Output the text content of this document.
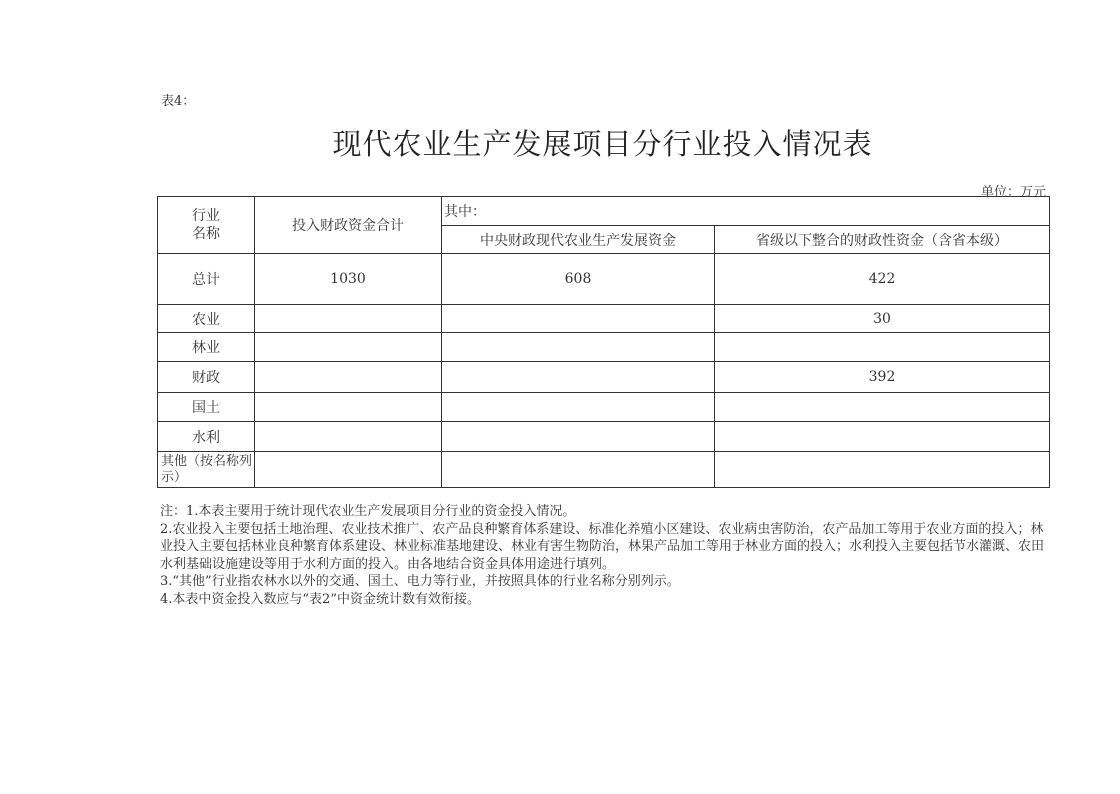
表4：
现代农业生产发展项目分行业投入情况表
单位：万元
行业
名称	投入财政资金合计	其中：	
		中央财政现代农业生产发展资金	省级以下整合的财政性资金（含省本级）
总计	1030	608	422
农业			30
林业			
财政			392
国土			
水利			
其他（按名称列示）			

注：1.本表主要用于统计现代农业生产发展项目分行业的资金投入情况。

2.农业投入主要包括土地治理、农业技术推广、农产品良种繁育体系建设、标准化养殖小区建设、农业病虫害防治，农产品加工等用于农业方面的投入；林业投入主要包括林业良种繁育体系建设、林业标准基地建设、林业有害生物防治，林果产品加工等用于林业方面的投入；水利投入主要包括节水灌溉、农田水利基础设施建设等用于水利方面的投入。由各地结合资金具体用途进行填列。

3.“其他”行业指农林水以外的交通、国土、电力等行业，并按照具体的行业名称分别列示。

4.本表中资金投入数应与“表2”中资金统计数有效衔接。
